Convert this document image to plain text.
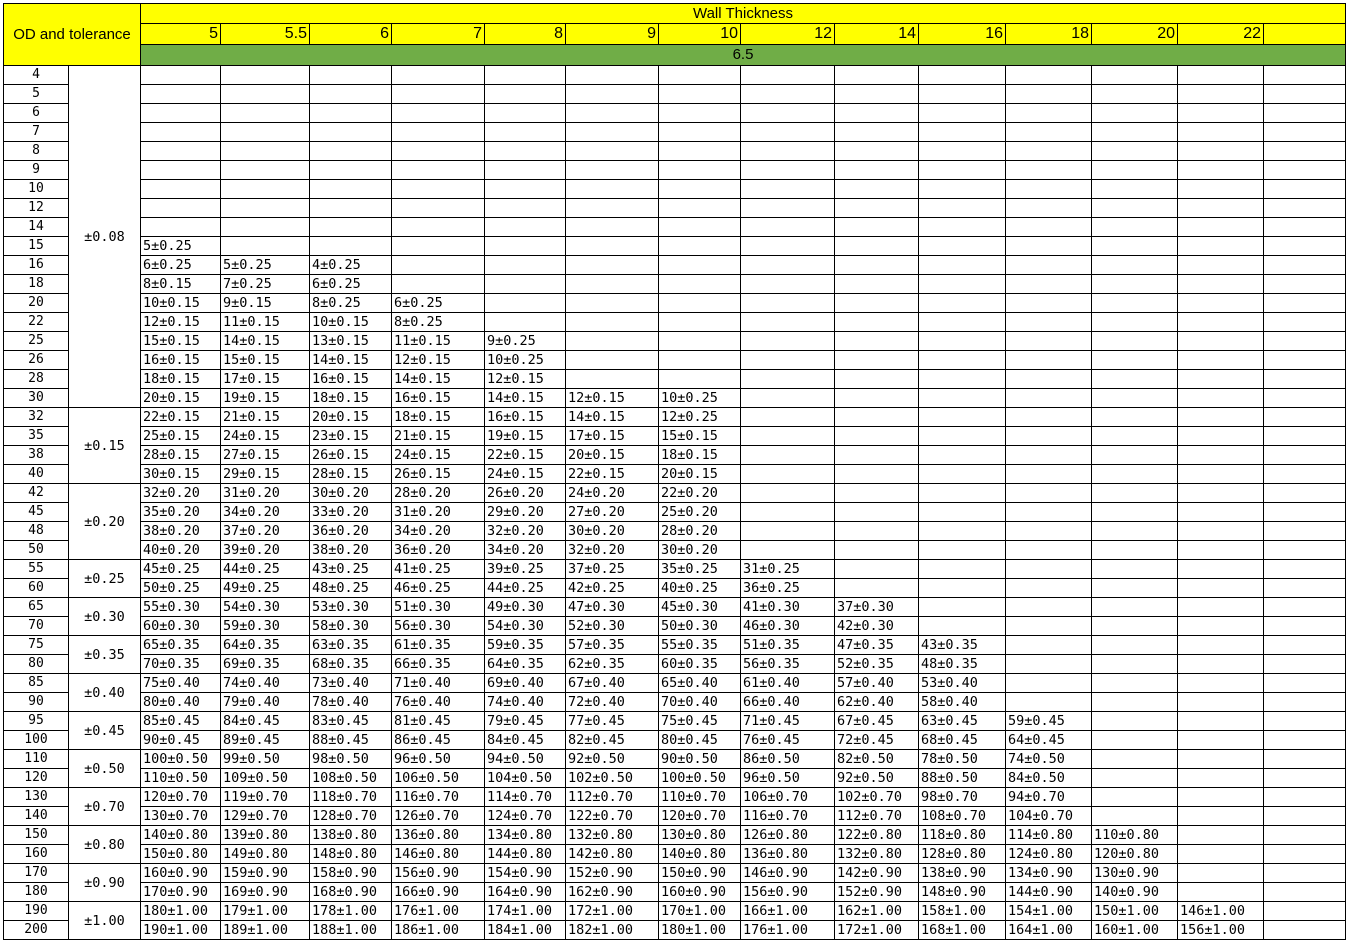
OD and tolerance		Wall Thickness													
		5	5.5	6	7	8	9	10	12	14	16	18	20	22	
		6.5													
4	±0.08														
5															
6															
7															
8															
9															
10															
12															
14															
15		5±0.25													
16		6±0.25	5±0.25	4±0.25											
18		8±0.15	7±0.25	6±0.25											
20		10±0.15	9±0.15	8±0.25	6±0.25										
22		12±0.15	11±0.15	10±0.15	8±0.25										
25		15±0.15	14±0.15	13±0.15	11±0.15	9±0.25									
26		16±0.15	15±0.15	14±0.15	12±0.15	10±0.25									
28		18±0.15	17±0.15	16±0.15	14±0.15	12±0.15									
30		20±0.15	19±0.15	18±0.15	16±0.15	14±0.15	12±0.15	10±0.25							
32	±0.15	22±0.15	21±0.15	20±0.15	18±0.15	16±0.15	14±0.15	12±0.25							
35		25±0.15	24±0.15	23±0.15	21±0.15	19±0.15	17±0.15	15±0.15							
38		28±0.15	27±0.15	26±0.15	24±0.15	22±0.15	20±0.15	18±0.15							
40		30±0.15	29±0.15	28±0.15	26±0.15	24±0.15	22±0.15	20±0.15							
42	±0.20	32±0.20	31±0.20	30±0.20	28±0.20	26±0.20	24±0.20	22±0.20							
45		35±0.20	34±0.20	33±0.20	31±0.20	29±0.20	27±0.20	25±0.20							
48		38±0.20	37±0.20	36±0.20	34±0.20	32±0.20	30±0.20	28±0.20							
50		40±0.20	39±0.20	38±0.20	36±0.20	34±0.20	32±0.20	30±0.20							
55	±0.25	45±0.25	44±0.25	43±0.25	41±0.25	39±0.25	37±0.25	35±0.25	31±0.25						
60		50±0.25	49±0.25	48±0.25	46±0.25	44±0.25	42±0.25	40±0.25	36±0.25						
65	±0.30	55±0.30	54±0.30	53±0.30	51±0.30	49±0.30	47±0.30	45±0.30	41±0.30	37±0.30					
70		60±0.30	59±0.30	58±0.30	56±0.30	54±0.30	52±0.30	50±0.30	46±0.30	42±0.30					
75	±0.35	65±0.35	64±0.35	63±0.35	61±0.35	59±0.35	57±0.35	55±0.35	51±0.35	47±0.35	43±0.35				
80		70±0.35	69±0.35	68±0.35	66±0.35	64±0.35	62±0.35	60±0.35	56±0.35	52±0.35	48±0.35				
85	±0.40	75±0.40	74±0.40	73±0.40	71±0.40	69±0.40	67±0.40	65±0.40	61±0.40	57±0.40	53±0.40				
90		80±0.40	79±0.40	78±0.40	76±0.40	74±0.40	72±0.40	70±0.40	66±0.40	62±0.40	58±0.40				
95	±0.45	85±0.45	84±0.45	83±0.45	81±0.45	79±0.45	77±0.45	75±0.45	71±0.45	67±0.45	63±0.45	59±0.45			
100		90±0.45	89±0.45	88±0.45	86±0.45	84±0.45	82±0.45	80±0.45	76±0.45	72±0.45	68±0.45	64±0.45			
110	±0.50	100±0.50	99±0.50	98±0.50	96±0.50	94±0.50	92±0.50	90±0.50	86±0.50	82±0.50	78±0.50	74±0.50			
120		110±0.50	109±0.50	108±0.50	106±0.50	104±0.50	102±0.50	100±0.50	96±0.50	92±0.50	88±0.50	84±0.50			
130	±0.70	120±0.70	119±0.70	118±0.70	116±0.70	114±0.70	112±0.70	110±0.70	106±0.70	102±0.70	98±0.70	94±0.70			
140		130±0.70	129±0.70	128±0.70	126±0.70	124±0.70	122±0.70	120±0.70	116±0.70	112±0.70	108±0.70	104±0.70			
150	±0.80	140±0.80	139±0.80	138±0.80	136±0.80	134±0.80	132±0.80	130±0.80	126±0.80	122±0.80	118±0.80	114±0.80	110±0.80		
160		150±0.80	149±0.80	148±0.80	146±0.80	144±0.80	142±0.80	140±0.80	136±0.80	132±0.80	128±0.80	124±0.80	120±0.80		
170	±0.90	160±0.90	159±0.90	158±0.90	156±0.90	154±0.90	152±0.90	150±0.90	146±0.90	142±0.90	138±0.90	134±0.90	130±0.90		
180		170±0.90	169±0.90	168±0.90	166±0.90	164±0.90	162±0.90	160±0.90	156±0.90	152±0.90	148±0.90	144±0.90	140±0.90		
190	±1.00	180±1.00	179±1.00	178±1.00	176±1.00	174±1.00	172±1.00	170±1.00	166±1.00	162±1.00	158±1.00	154±1.00	150±1.00	146±1.00	
200		190±1.00	189±1.00	188±1.00	186±1.00	184±1.00	182±1.00	180±1.00	176±1.00	172±1.00	168±1.00	164±1.00	160±1.00	156±1.00	
